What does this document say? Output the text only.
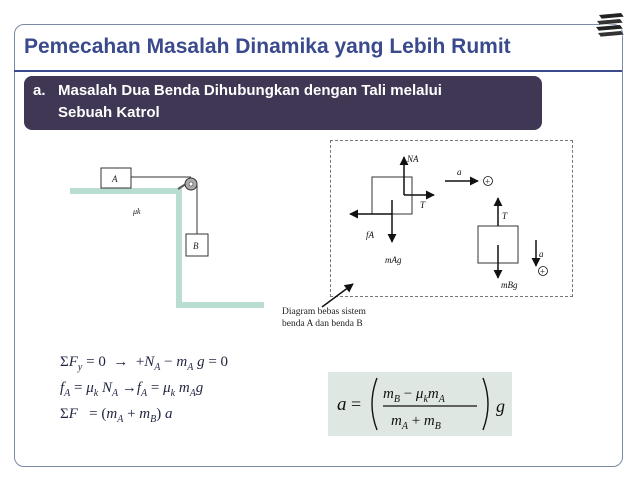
Pemecahan Masalah Dinamika yang Lebih Rumit
a. Masalah Dua Benda Dihubungkan dengan Tali melalui
Sebuah Katrol
A
B
μk
NA
T
fA
mAg
a
+
T
mBg
a
+
Diagram bebas sistem
benda A dan benda B
$\Sigma F_y = 0 \to +N_A - m_A$ g = 0
$f_A = \mu_k$ $N_A \to f_A = \mu_k$ $m_Ag$
$\Sigma F = (m_A + m_B)$ a	$a = m_B - \mu_km_A$
$m_A + m_B$
g
